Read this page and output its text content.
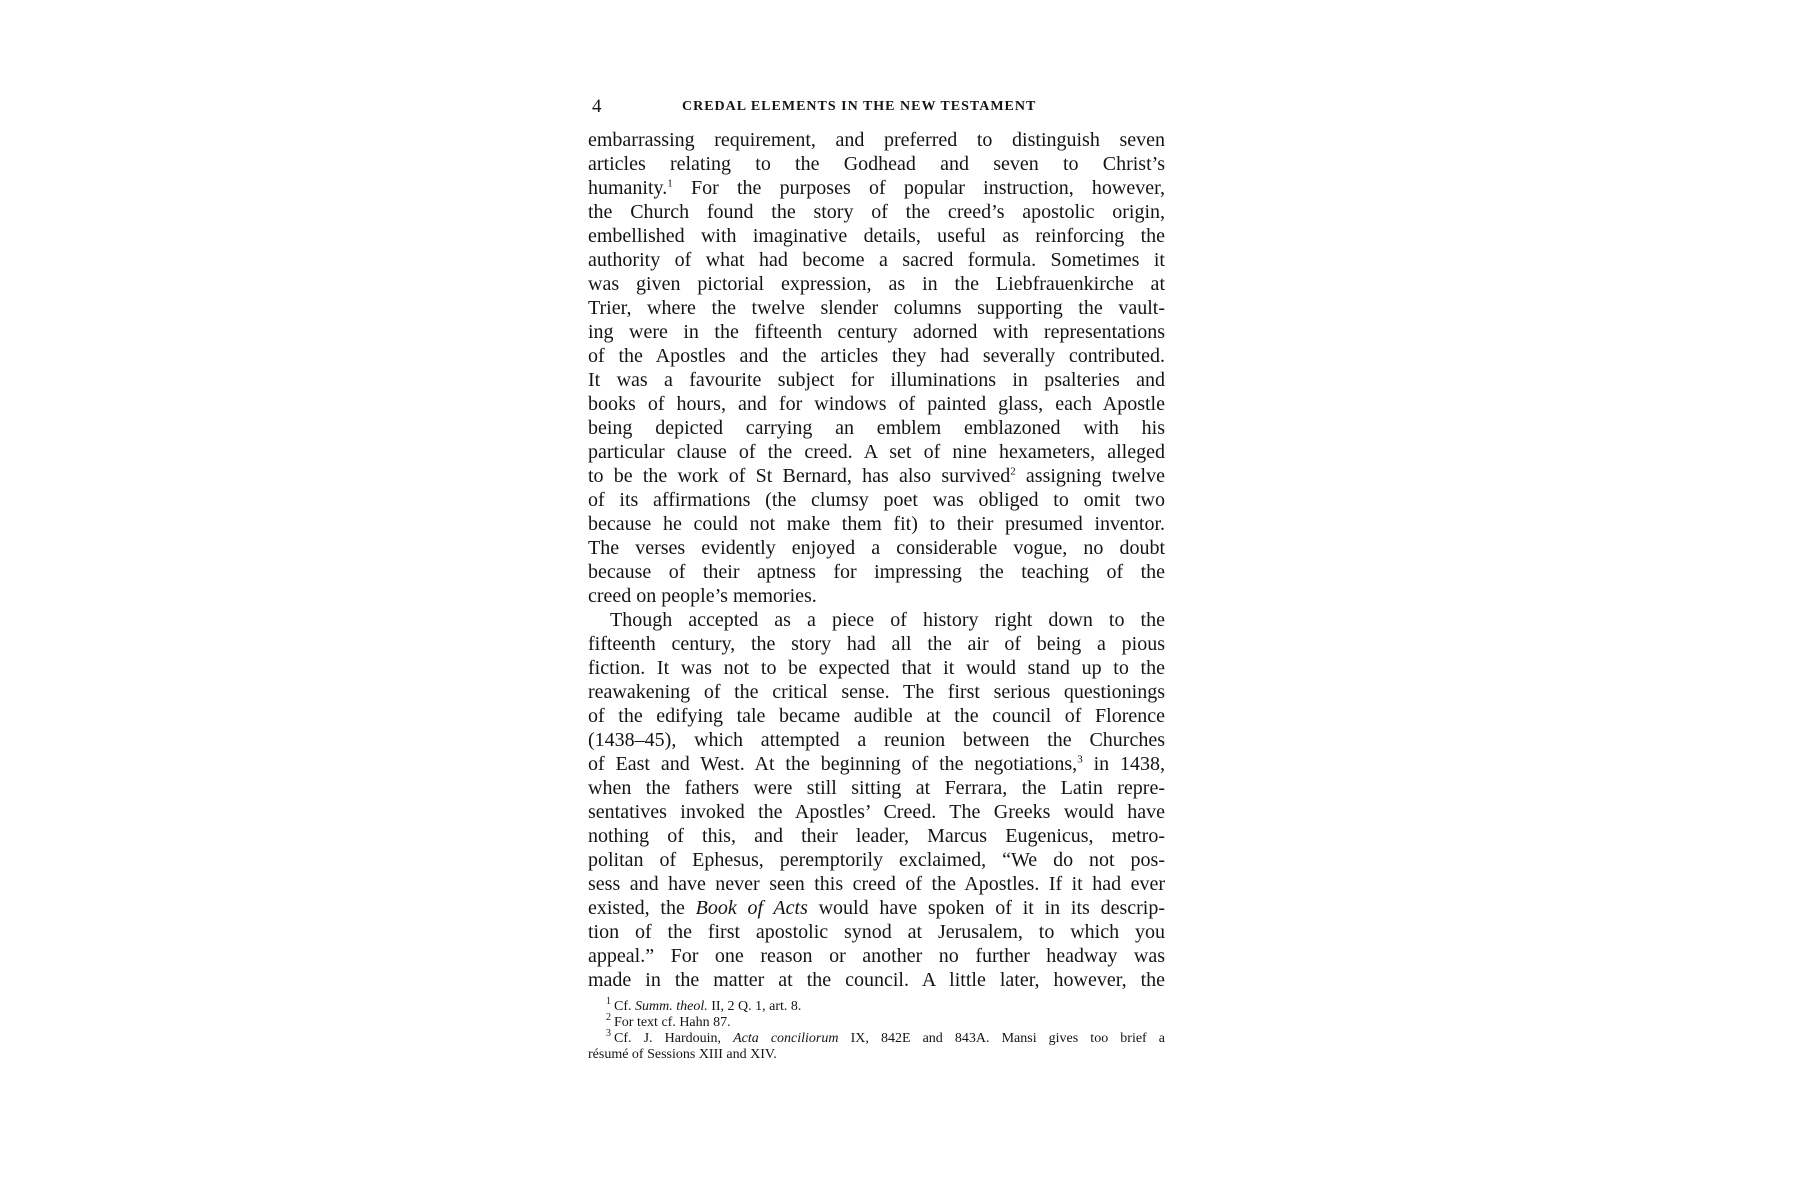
4	CREDAL ELEMENTS IN THE NEW TESTAMENT
embarrassing requirement, and preferred to distinguish seven
articles relating to the Godhead and seven to Christ’s
humanity.$^1$ For the purposes of popular instruction, however,
the Church found the story of the creed’s apostolic origin,
embellished with imaginative details, useful as reinforcing the
authority of what had become a sacred formula. Sometimes it
was given pictorial expression, as in the Liebfrauenkirche at
Trier, where the twelve slender columns supporting the vault-
ing were in the fifteenth century adorned with representations
of the Apostles and the articles they had severally contributed.
It was a favourite subject for illuminations in psalteries and
books of hours, and for windows of painted glass, each Apostle
being depicted carrying an emblem emblazoned with his
particular clause of the creed. A set of nine hexameters, alleged
to be the work of St Bernard, has also survived$^2$ assigning twelve
of its affirmations (the clumsy poet was obliged to omit two
because he could not make them fit) to their presumed inventor.
The verses evidently enjoyed a considerable vogue, no doubt
because of their aptness for impressing the teaching of the
creed on people’s memories.
Though accepted as a piece of history right down to the
fifteenth century, the story had all the air of being a pious
fiction. It was not to be expected that it would stand up to the
reawakening of the critical sense. The first serious questionings
of the edifying tale became audible at the council of Florence
(1438–45), which attempted a reunion between the Churches
of East and West. At the beginning of the negotiations,$^3$ in 1438,
when the fathers were still sitting at Ferrara, the Latin repre-
sentatives invoked the Apostles’ Creed. The Greeks would have
nothing of this, and their leader, Marcus Eugenicus, metro-
politan of Ephesus, peremptorily exclaimed, “We do not pos-
sess and have never seen this creed of the Apostles. If it had ever
existed, the Book of Acts would have spoken of it in its descrip-
tion of the first apostolic synod at Jerusalem, to which you
appeal.” For one reason or another no further headway was
made in the matter at the council. A little later, however, the
$^1$ Cf. Summ. theol. II, 2 Q. 1, art. 8.
$^2$ For text cf. Hahn 87.
$^3$ Cf. J. Hardouin, Acta conciliorum IX, 842E and 843A. Mansi gives too brief a
résumé of Sessions XIII and XIV.
